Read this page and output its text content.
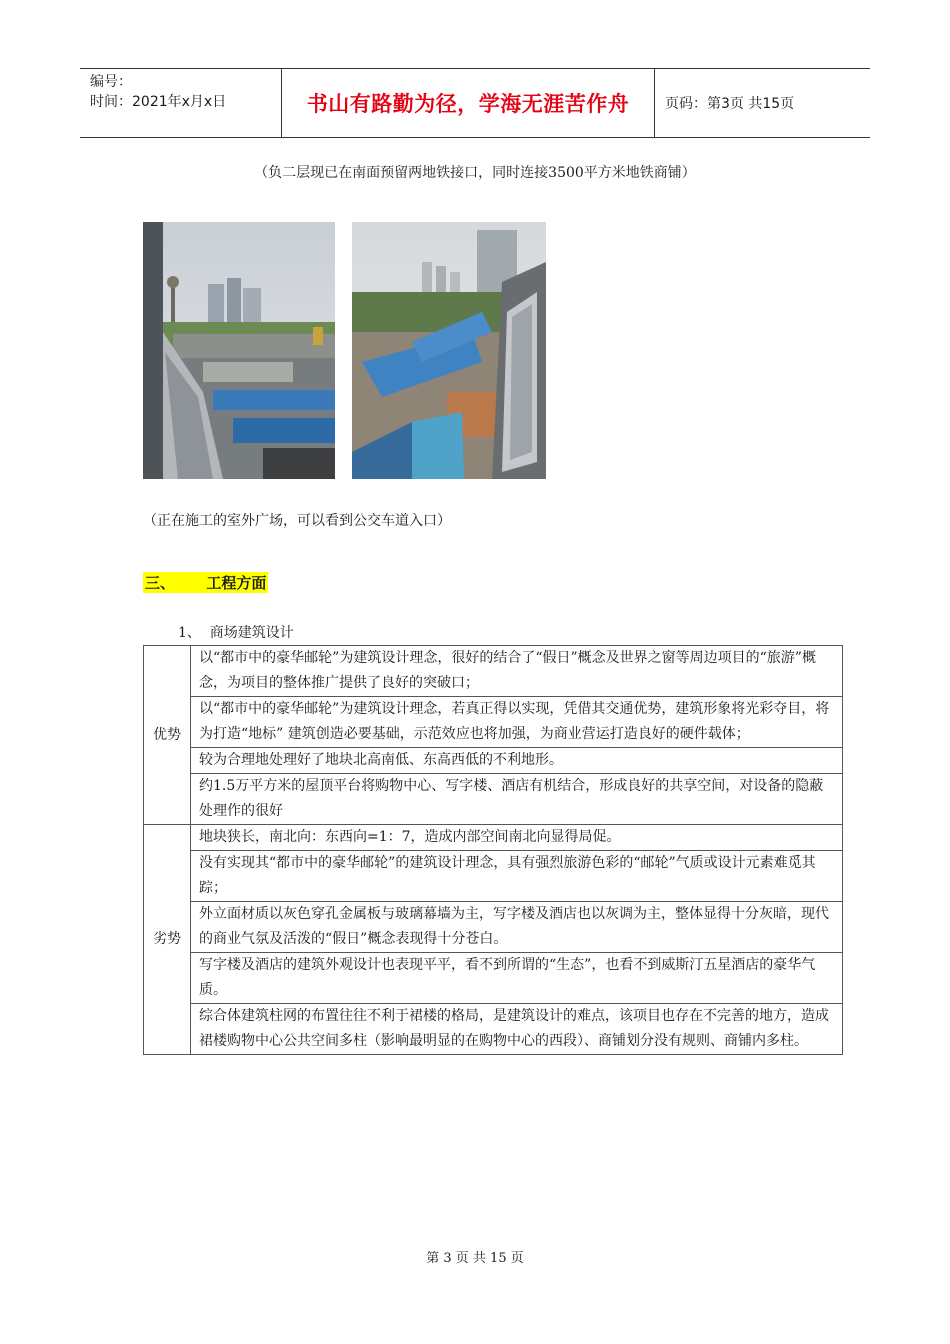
编号：
时间：2021年x月x日	书山有路勤为径，学海无涯苦作舟	页码：第3页 共15页
（负二层现已在南面预留两地铁接口，同时连接3500平方米地铁商铺）
（正在施工的室外广场，可以看到公交车道入口）
三、      工程方面
1、  商场建筑设计
优势	以“都市中的豪华邮轮”为建筑设计理念，很好的结合了“假日”概念及世界之窗等周边项目的“旅游”概念，为项目的整体推广提供了良好的突破口；
	以“都市中的豪华邮轮”为建筑设计理念，若真正得以实现，凭借其交通优势，建筑形象将光彩夺目，将为打造“地标” 建筑创造必要基础，示范效应也将加强，为商业营运打造良好的硬件载体；
	较为合理地处理好了地块北高南低、东高西低的不利地形。
	约1.5万平方米的屋顶平台将购物中心、写字楼、酒店有机结合，形成良好的共享空间，对设备的隐蔽处理作的很好
劣势	地块狭长，南北向：东西向=1：7，造成内部空间南北向显得局促。
	没有实现其“都市中的豪华邮轮”的建筑设计理念，具有强烈旅游色彩的“邮轮”气质或设计元素难觅其踪；
	外立面材质以灰色穿孔金属板与玻璃幕墙为主，写字楼及酒店也以灰调为主，整体显得十分灰暗，现代的商业气氛及活泼的“假日”概念表现得十分苍白。
	写字楼及酒店的建筑外观设计也表现平平，看不到所谓的“生态”，也看不到威斯汀五星酒店的豪华气质。
	综合体建筑柱网的布置往往不利于裙楼的格局，是建筑设计的难点，该项目也存在不完善的地方，造成裙楼购物中心公共空间多柱（影响最明显的在购物中心的西段）、商铺划分没有规则、商铺内多柱。
第 3 页 共 15 页
